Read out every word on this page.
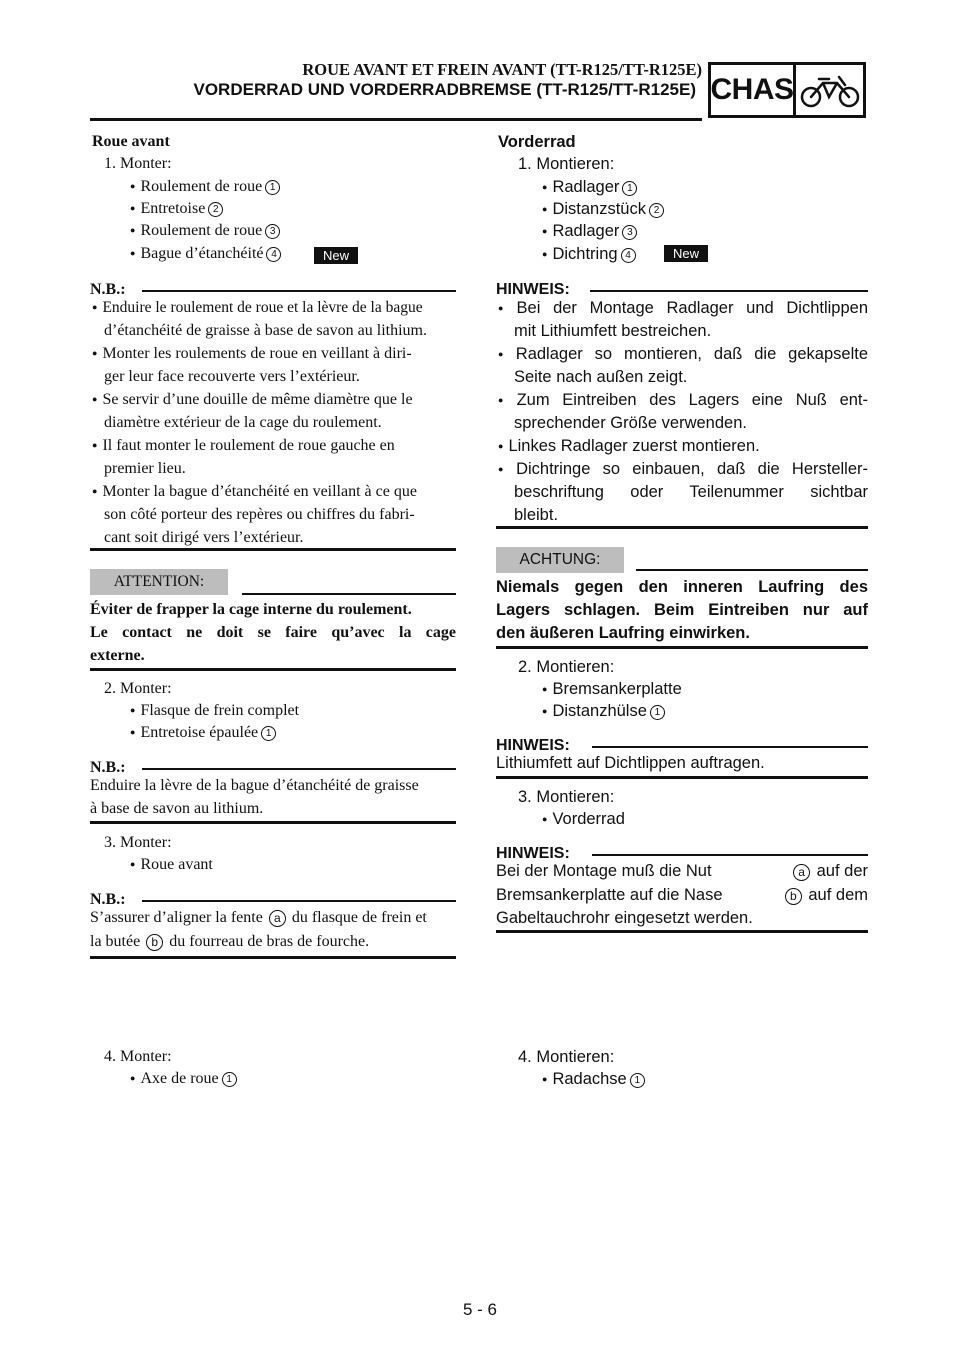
ROUE AVANT ET FREIN AVANT (TT-R125/TT-R125E)
VORDERRAD UND VORDERRADBREMSE (TT-R125/TT-R125E) CHAS
Roue avant
1. Monter:
● Roulement de roue 1
● Entretoise 2
● Roulement de roue 3
● Bague d’étanchéité 4	New
N.B.:
● Enduire le roulement de roue et la lèvre de la bague
d’étanchéité de graisse à base de savon au lithium.
● Monter les roulements de roue en veillant à diri-
ger leur face recouverte vers l’extérieur.
● Se servir d’une douille de même diamètre que le
diamètre extérieur de la cage du roulement.
● Il faut monter le roulement de roue gauche en
premier lieu.
● Monter la bague d’étanchéité en veillant à ce que
son côté porteur des repères ou chiffres du fabri-
cant soit dirigé vers l’extérieur.
ATTENTION:
Éviter de frapper la cage interne du roulement.
Le contact ne doit se faire qu’avec la cage
externe.
2. Monter:
● Flasque de frein complet
● Entretoise épaulée 1
N.B.:
Enduire la lèvre de la bague d’étanchéité de graisse
à base de savon au lithium.
3. Monter:
● Roue avant
N.B.:
S’assurer d’aligner la fente a du flasque de frein et
la butée b du fourreau de bras de fourche.
4. Monter:
● Axe de roue 1
Vorderrad
1. Montieren:
● Radlager 1
● Distanzstück 2
● Radlager 3
● Dichtring 4	New
HINWEIS:
● Bei der Montage Radlager und Dichtlippen
mit Lithiumfett bestreichen.
● Radlager so montieren, daß die gekapselte
Seite nach außen zeigt.
● Zum Eintreiben des Lagers eine Nuß ent-
sprechender Größe verwenden.
● Linkes Radlager zuerst montieren.
● Dichtringe so einbauen, daß die Hersteller-
beschriftung oder Teilenummer sichtbar
bleibt.
ACHTUNG:
Niemals gegen den inneren Laufring des
Lagers schlagen. Beim Eintreiben nur auf
den äußeren Laufring einwirken.
2. Montieren:
● Bremsankerplatte
● Distanzhülse 1
HINWEIS:
Lithiumfett auf Dichtlippen auftragen.
3. Montieren:
● Vorderrad
HINWEIS:
Bei der Montage muß die Nut	a auf der
Bremsankerplatte auf die Nase	b auf dem
Gabeltauchrohr eingesetzt werden.
4. Montieren:
● Radachse 1
5 - 6
